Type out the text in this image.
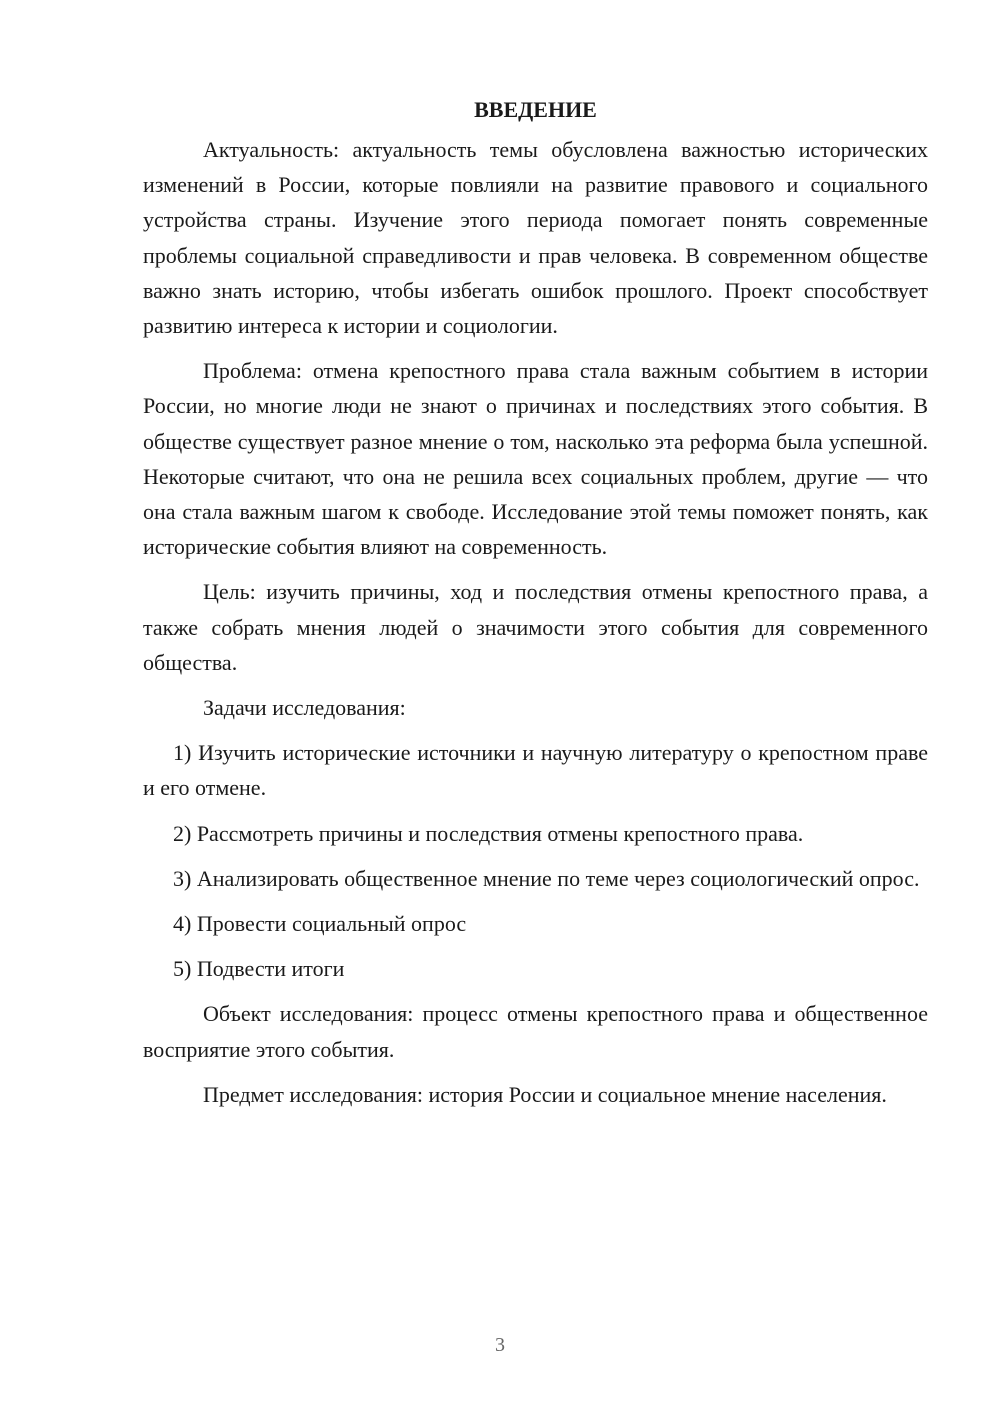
ВВЕДЕНИЕ

Актуальность: актуальность темы обусловлена важностью исторических изменений в России, которые повлияли на развитие правового и социального устройства страны. Изучение этого периода помогает понять современные проблемы социальной справедливости и прав человека. В современном обществе важно знать историю, чтобы избегать ошибок прошлого. Проект способствует развитию интереса к истории и социологии.

Проблема: отмена крепостного права стала важным событием в истории России, но многие люди не знают о причинах и последствиях этого события. В обществе существует разное мнение о том, насколько эта реформа была успешной. Некоторые считают, что она не решила всех социальных проблем, другие — что она стала важным шагом к свободе. Исследование этой темы поможет понять, как исторические события влияют на современность.

Цель: изучить причины, ход и последствия отмены крепостного права, а также собрать мнения людей о значимости этого события для современного общества.

Задачи исследования:

1) Изучить исторические источники и научную литературу о крепостном праве и его отмене.

2) Рассмотреть причины и последствия отмены крепостного права.

3) Анализировать общественное мнение по теме через социологический опрос.

4) Провести социальный опрос

5) Подвести итоги

Объект исследования: процесс отмены крепостного права и общественное восприятие этого события.

Предмет исследования: история России и социальное мнение населения.

3
